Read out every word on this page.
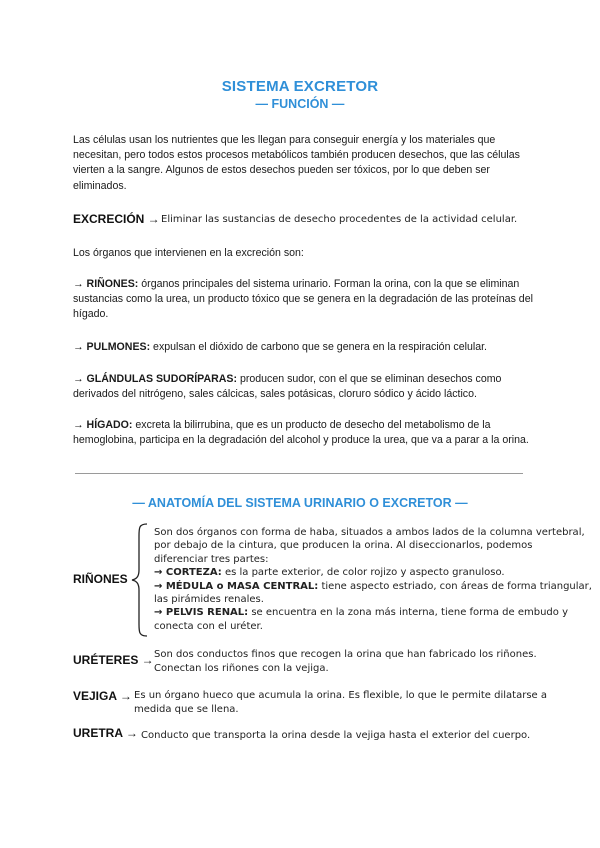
SISTEMA EXCRETOR
— FUNCIÓN —
Las células usan los nutrientes que les llegan para conseguir energía y los materiales que necesitan, pero todos estos procesos metabólicos también producen desechos, que las células vierten a la sangre. Algunos de estos desechos pueden ser tóxicos, por lo que deben ser eliminados.
EXCRECIÓN → Eliminar las sustancias de desecho procedentes de la actividad celular.
Los órganos que intervienen en la excreción son:
→ RIÑONES: órganos principales del sistema urinario. Forman la orina, con la que se eliminan sustancias como la urea, un producto tóxico que se genera en la degradación de las proteínas del hígado.
→ PULMONES: expulsan el dióxido de carbono que se genera en la respiración celular.
→ GLÁNDULAS SUDORÍPARAS: producen sudor, con el que se eliminan desechos como derivados del nitrógeno, sales cálcicas, sales potásicas, cloruro sódico y ácido láctico.
→ HÍGADO: excreta la bilirrubina, que es un producto de desecho del metabolismo de la hemoglobina, participa en la degradación del alcohol y produce la urea, que va a parar a la orina.
— ANATOMÍA DEL SISTEMA URINARIO O EXCRETOR —
RIÑONES
Son dos órganos con forma de haba, situados a ambos lados de la columna vertebral,
por debajo de la cintura, que producen la orina. Al diseccionarlos, podemos
diferenciar tres partes:
→ CORTEZA: es la parte exterior, de color rojizo y aspecto granuloso.
→ MÉDULA o MASA CENTRAL: tiene aspecto estriado, con áreas de forma triangular,
las pirámides renales.
→ PELVIS RENAL: se encuentra en la zona más interna, tiene forma de embudo y
conecta con el uréter.
URÉTERES → Son dos conductos finos que recogen la orina que han fabricado los riñones.
Conectan los riñones con la vejiga.
VEJIGA → Es un órgano hueco que acumula la orina. Es flexible, lo que le permite dilatarse a
medida que se llena.
URETRA → Conducto que transporta la orina desde la vejiga hasta el exterior del cuerpo.
